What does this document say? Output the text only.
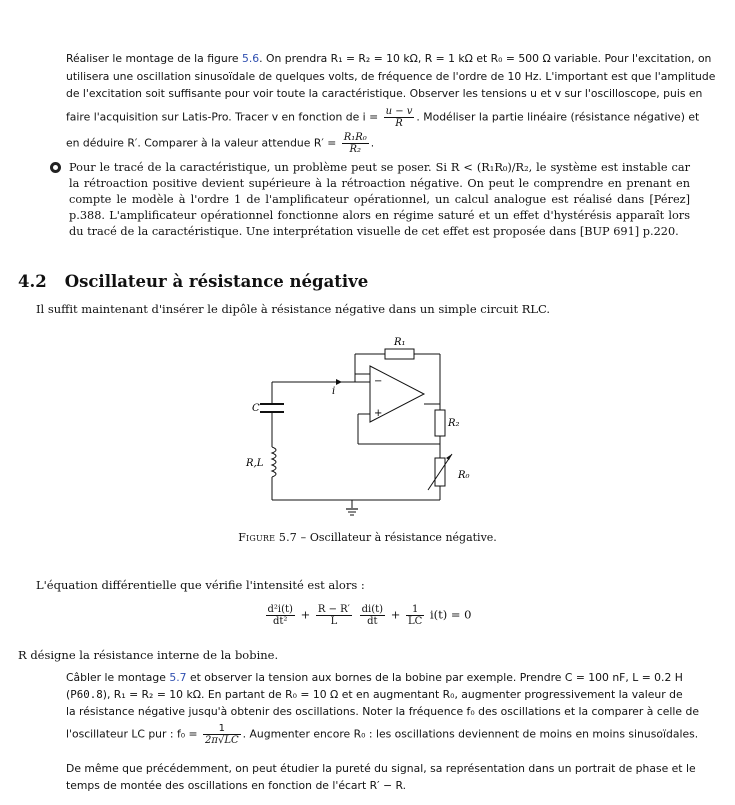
Réaliser le montage de la figure 5.6. On prendra R₁ = R₂ = 10 kΩ, R = 1 kΩ et R₀ = 500 Ω variable. Pour l'excitation, on
utilisera une oscillation sinusoïdale de quelques volts, de fréquence de l'ordre de 10 Hz. L'important est que l'amplitude
de l'excitation soit suffisante pour voir toute la caractéristique. Observer les tensions u et v sur l'oscilloscope, puis en
faire l'acquisition sur Latis-Pro. Tracer v en fonction de $i = \frac{u - v}{R}$ . Modéliser la partie linéaire (résistance négative) et
en déduire R′. Comparer à la valeur attendue $R' = \frac{\text{R₁R₀}}{\text{R₂}}$ .
Pour le tracé de la caractéristique, un problème peut se poser. Si R < (R₁R₀)/R₂, le système est instable car la rétroaction positive devient supérieure à la rétroaction négative. On peut le comprendre en prenant en compte le modèle à l'ordre 1 de l'amplificateur opérationnel, un calcul analogue est réalisé dans [Pérez] p.388. L'amplificateur opérationnel fonctionne alors en régime saturé et un effet d'hystérésis apparaît lors du tracé de la caractéristique. Une interprétation visuelle de cet effet est proposée dans [BUP 691] p.220.
4.2 Oscillateur à résistance négative
Il suffit maintenant d'insérer le dipôle à résistance négative dans un simple circuit RLC.
R₁
R₂
R₀
C
R,L
i
−
+
Figure 5.7 – Oscillateur à résistance négative.
L'équation différentielle que vérifie l'intensité est alors :
$\frac{\text{d²i(t)}}{\text{dt²}} + \frac{R - R'}{L}$
$\frac{di(t)}{dt} + \frac{1}{LC} i(t) = 0$
R désigne la résistance interne de la bobine.
Câbler le montage 5.7 et observer la tension aux bornes de la bobine par exemple. Prendre C = 100 nF, L = 0.2 H
(P60.8), R₁ = R₂ = 10 kΩ. En partant de R₀ = 10 Ω et en augmentant R₀, augmenter progressivement la valeur de
la résistance négative jusqu'à obtenir des oscillations. Noter la fréquence f₀ des oscillations et la comparer à celle de
l'oscillateur LC pur : $f_0 = \frac{1}{2\pi√LC}$ . Augmenter encore R₀ : les oscillations deviennent de moins en moins sinusoïdales.
De même que précédemment, on peut étudier la pureté du signal, sa représentation dans un portrait de phase et le
temps de montée des oscillations en fonction de l'écart R′ − R.
